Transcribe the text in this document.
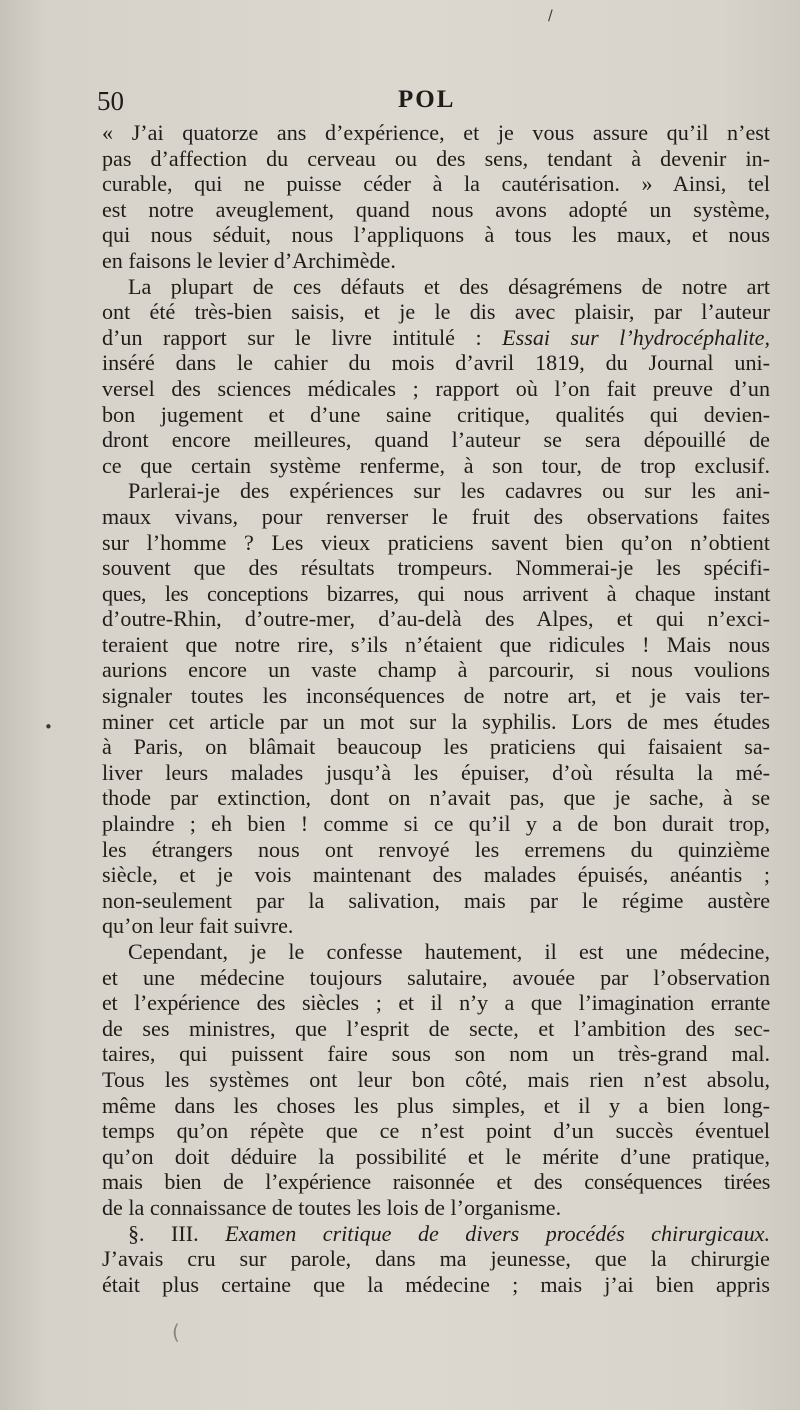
50	POL
/
•
(
« J’ai quatorze ans d’expérience, et je vous assure qu’il n’est
pas d’affection du cerveau ou des sens, tendant à devenir in-
curable, qui ne puisse céder à la cautérisation. » Ainsi, tel
est notre aveuglement, quand nous avons adopté un système,
qui nous séduit, nous l’appliquons à tous les maux, et nous
en faisons le levier d’Archimède.
La plupart de ces défauts et des désagrémens de notre art
ont été très-bien saisis, et je le dis avec plaisir, par l’auteur
d’un rapport sur le livre intitulé : Essai sur l’hydrocéphalite,
inséré dans le cahier du mois d’avril 1819, du Journal uni-
versel des sciences médicales ; rapport où l’on fait preuve d’un
bon jugement et d’une saine critique, qualités qui devien-
dront encore meilleures, quand l’auteur se sera dépouillé de
ce que certain système renferme, à son tour, de trop exclusif.
Parlerai-je des expériences sur les cadavres ou sur les ani-
maux vivans, pour renverser le fruit des observations faites
sur l’homme ? Les vieux praticiens savent bien qu’on n’obtient
souvent que des résultats trompeurs. Nommerai-je les spécifi-
ques, les conceptions bizarres, qui nous arrivent à chaque instant
d’outre-Rhin, d’outre-mer, d’au-delà des Alpes, et qui n’exci-
teraient que notre rire, s’ils n’étaient que ridicules ! Mais nous
aurions encore un vaste champ à parcourir, si nous voulions
signaler toutes les inconséquences de notre art, et je vais ter-
miner cet article par un mot sur la syphilis. Lors de mes études
à Paris, on blâmait beaucoup les praticiens qui faisaient sa-
liver leurs malades jusqu’à les épuiser, d’où résulta la mé-
thode par extinction, dont on n’avait pas, que je sache, à se
plaindre ; eh bien ! comme si ce qu’il y a de bon durait trop,
les étrangers nous ont renvoyé les erremens du quinzième
siècle, et je vois maintenant des malades épuisés, anéantis ;
non-seulement par la salivation, mais par le régime austère
qu’on leur fait suivre.
Cependant, je le confesse hautement, il est une médecine,
et une médecine toujours salutaire, avouée par l’observation
et l’expérience des siècles ; et il n’y a que l’imagination errante
de ses ministres, que l’esprit de secte, et l’ambition des sec-
taires, qui puissent faire sous son nom un très-grand mal.
Tous les systèmes ont leur bon côté, mais rien n’est absolu,
même dans les choses les plus simples, et il y a bien long-
temps qu’on répète que ce n’est point d’un succès éventuel
qu’on doit déduire la possibilité et le mérite d’une pratique,
mais bien de l’expérience raisonnée et des conséquences tirées
de la connaissance de toutes les lois de l’organisme.
§. III. Examen critique de divers procédés chirurgicaux.
J’avais cru sur parole, dans ma jeunesse, que la chirurgie
était plus certaine que la médecine ; mais j’ai bien appris
